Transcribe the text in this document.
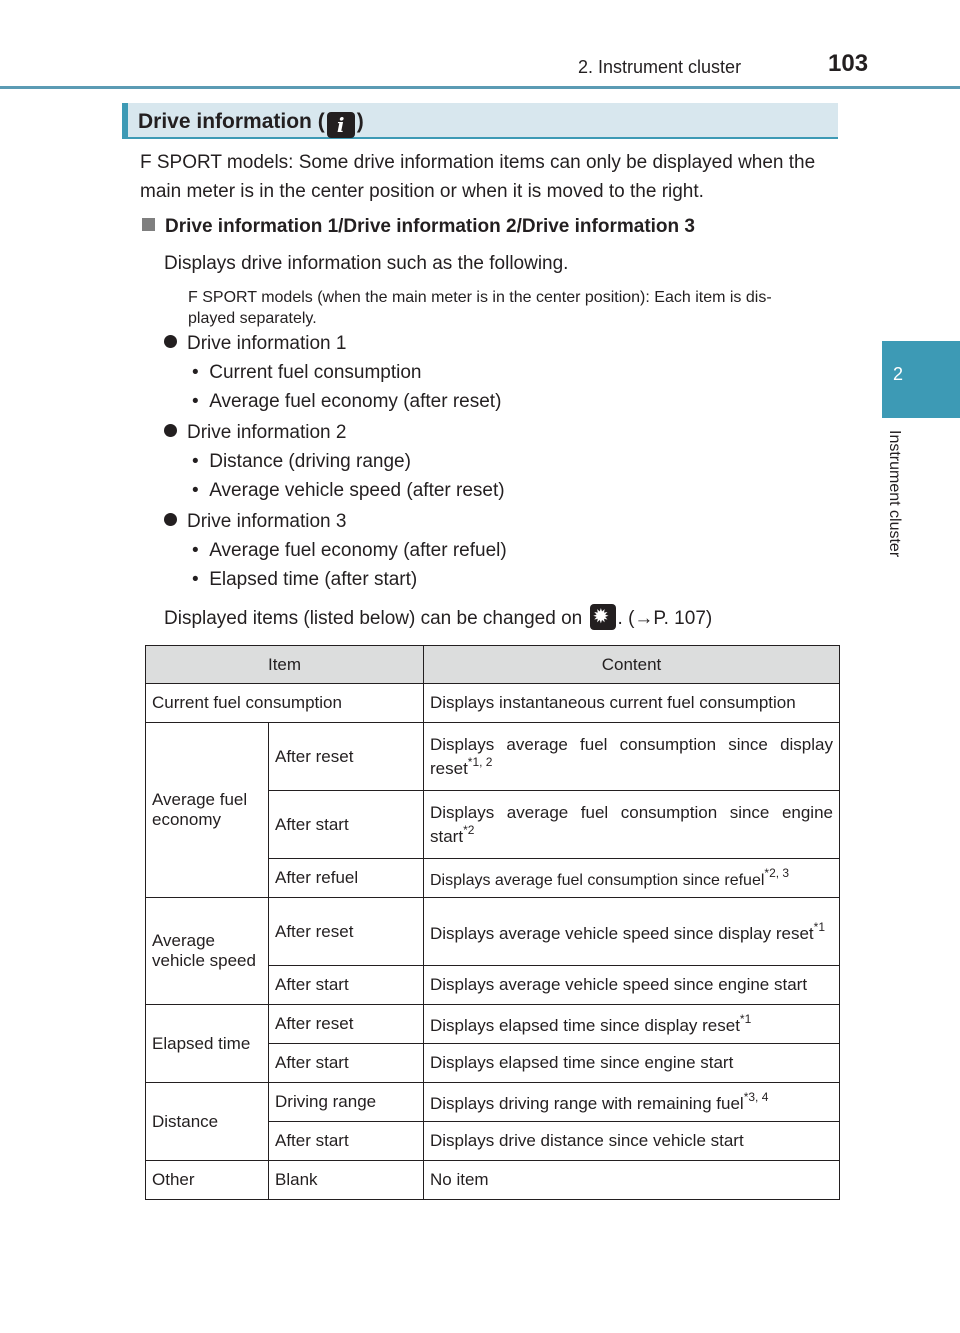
2. Instrument cluster	103
2
Instrument cluster
Drive information ( i )
F SPORT models: Some drive information items can only be displayed when the
main meter is in the center position or when it is moved to the right.
Drive information 1/Drive information 2/Drive information 3
Displays drive information such as the following.
F SPORT models (when the main meter is in the center position): Each item is dis-
played separately.
Drive information 1
•  Current fuel consumption
•  Average fuel economy (after reset)
Drive information 2
•  Distance (driving range)
•  Average vehicle speed (after reset)
Drive information 3
•  Average fuel economy (after refuel)
•  Elapsed time (after start)
Displayed items (listed below) can be changed on ✹. (→P. 107)
Item		Content
Current fuel consumption		Displays instantaneous current fuel consumption
Average fuel economy	After reset	Displays average fuel consumption since display reset$^{*1, 2}$
	After start	Displays average fuel consumption since engine start$^{*2}$
	After refuel	Displays average fuel consumption since refuel$^{*2, 3}$
Average vehicle speed	After reset	Displays average vehicle speed since display reset$^{*1}$
	After start	Displays average vehicle speed since engine start
Elapsed time	After reset	Displays elapsed time since display reset$^{*1}$
	After start	Displays elapsed time since engine start
Distance	Driving range	Displays driving range with remaining fuel$^{*3, 4}$
	After start	Displays drive distance since vehicle start
Other	Blank	No item
